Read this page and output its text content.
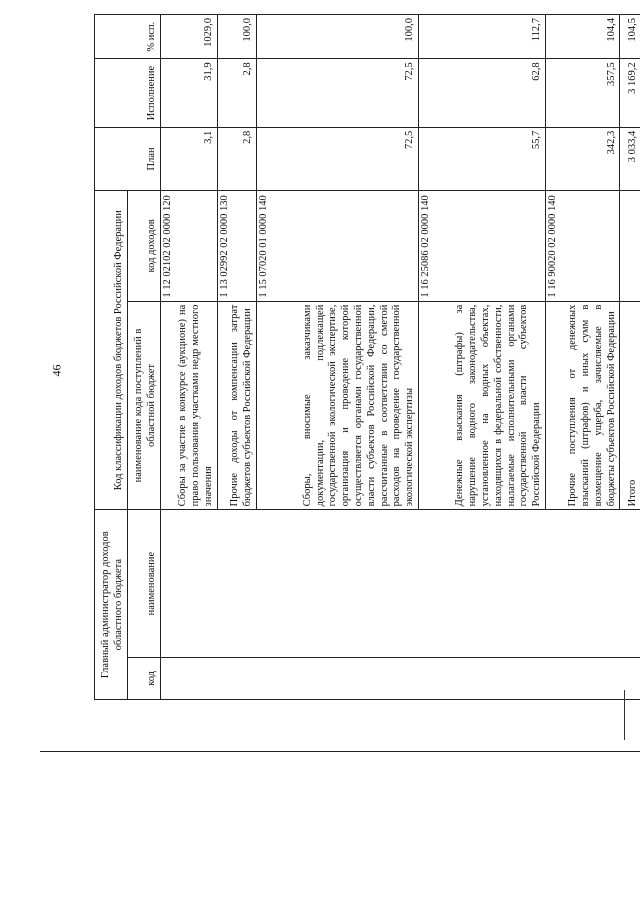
46
Главный администратор доходов областного бюджета		Код классификации доходов бюджетов Российской Федерации		План	Исполнение	% исп.
код	наименование	наименование кода поступлений в областной бюджет	код доходов			
		Сборы за участие в конкурсе (аукционе) на право пользования участками недр местного значения	1 12 02102 02 0000 120	3,1	31,9	1029,0
		Прочие доходы от компенсации затрат бюджетов субъектов Российской Федерации	1 13 02992 02 0000 130	2,8	2,8	100,0
		Сборы, вносимые заказчиками документации, подлежащей государственной экологической экспертизе, организация и проведение которой осуществляется органами государственной власти субъектов Российской Федерации, рассчитанные в соответствии со сметой расходов на проведение государственной экологической экспертизы	1 15 07020 01 0000 140	72,5	72,5	100,0
		Денежные взыскания (штрафы) за нарушение водного законодательства, установленное на водных объектах, находящихся в федеральной собственности, налагаемые исполнительными органами государственной власти субъектов Российской Федерации	1 16 25086 02 0000 140	55,7	62,8	112,7
		Прочие поступления от денежных взысканий (штрафов) и иных сумм в возмещение ущерба, зачисляемые в бюджеты субъектов Российской Федерации	1 16 90020 02 0000 140	342,3	357,5	104,4
		Итого		3 033,4	3 169,2	104,5
